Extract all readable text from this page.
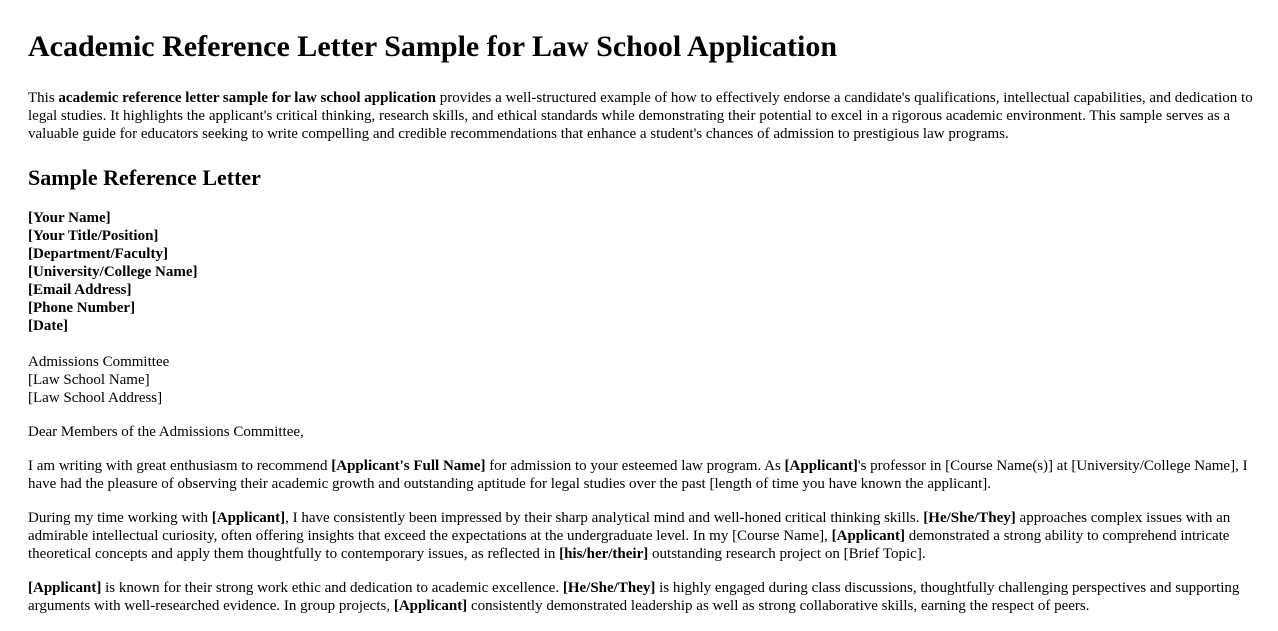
Academic Reference Letter Sample for Law School Application
This academic reference letter sample for law school application provides a well-structured example of how to effectively endorse a candidate's qualifications, intellectual capabilities, and dedication to legal studies. It highlights the applicant's critical thinking, research skills, and ethical standards while demonstrating their potential to excel in a rigorous academic environment. This sample serves as a valuable guide for educators seeking to write compelling and credible recommendations that enhance a student's chances of admission to prestigious law programs.
Sample Reference Letter
[Your Name]
[Your Title/Position]
[Department/Faculty]
[University/College Name]
[Email Address]
[Phone Number]
[Date]
Admissions Committee
[Law School Name]
[Law School Address]

Dear Members of the Admissions Committee,

I am writing with great enthusiasm to recommend [Applicant's Full Name] for admission to your esteemed law program. As [Applicant]'s professor in [Course Name(s)] at [University/College Name], I have had the pleasure of observing their academic growth and outstanding aptitude for legal studies over the past [length of time you have known the applicant].

During my time working with [Applicant], I have consistently been impressed by their sharp analytical mind and well-honed critical thinking skills. [He/She/They] approaches complex issues with an admirable intellectual curiosity, often offering insights that exceed the expectations at the undergraduate level. In my [Course Name], [Applicant] demonstrated a strong ability to comprehend intricate theoretical concepts and apply them thoughtfully to contemporary issues, as reflected in [his/her/their] outstanding research project on [Brief Topic].

[Applicant] is known for their strong work ethic and dedication to academic excellence. [He/She/They] is highly engaged during class discussions, thoughtfully challenging perspectives and supporting arguments with well-researched evidence. In group projects, [Applicant] consistently demonstrated leadership as well as strong collaborative skills, earning the respect of peers.
